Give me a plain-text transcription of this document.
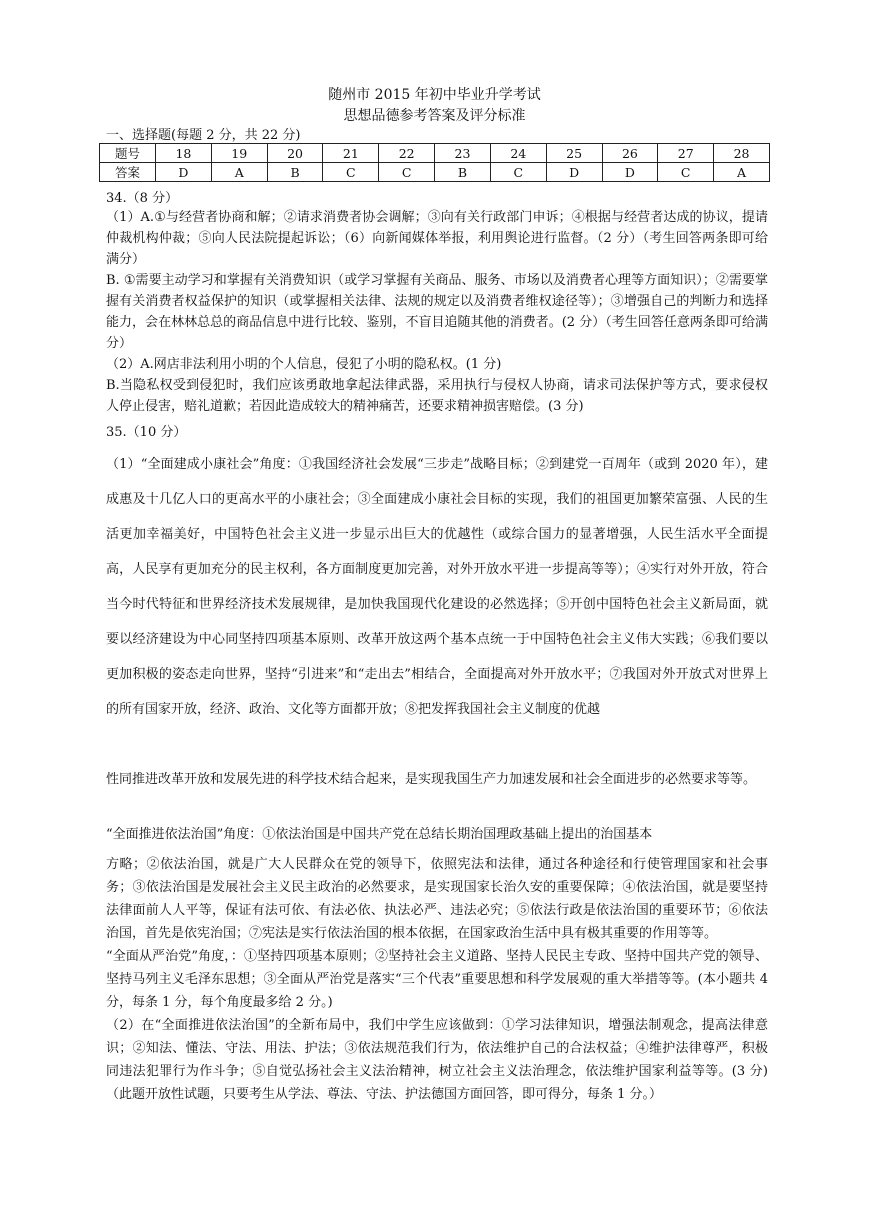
随州市 2015 年初中毕业升学考试
思想品德参考答案及评分标准
一、选择题(每题 2 分，共 22 分)
题号	18	19	20	21	22	23	24	25	26	27	28
答案	D	A	B	C	C	B	C	D	D	C	A
34.（8 分）

（1）A.①与经营者协商和解；②请求消费者协会调解；③向有关行政部门申诉；④根据与经营者达成的协议，提请仲裁机构仲裁；⑤向人民法院提起诉讼；（6）向新闻媒体举报，利用舆论进行监督。（2 分）（考生回答两条即可给满分）

B. ①需要主动学习和掌握有关消费知识（或学习掌握有关商品、服务、市场以及消费者心理等方面知识）；②需要掌握有关消费者权益保护的知识（或掌握相关法律、法规的规定以及消费者维权途径等）；③增强自己的判断力和选择能力，会在林林总总的商品信息中进行比较、鉴别，不盲目追随其他的消费者。(2 分）（考生回答任意两条即可给满分）

（2）A.网店非法利用小明的个人信息，侵犯了小明的隐私权。(1 分)

B.当隐私权受到侵犯时，我们应该勇敢地拿起法律武器，采用执行与侵权人协商，请求司法保护等方式，要求侵权人停止侵害，赔礼道歉；若因此造成较大的精神痛苦，还要求精神损害赔偿。(3 分)

35.（10 分）

（1）“全面建成小康社会”角度：①我国经济社会发展“三步走”战略目标；②到建党一百周年（或到 2020 年），建成惠及十几亿人口的更高水平的小康社会；③全面建成小康社会目标的实现，我们的祖国更加繁荣富强、人民的生活更加幸福美好，中国特色社会主义进一步显示出巨大的优越性（或综合国力的显著增强，人民生活水平全面提高，人民享有更加充分的民主权利，各方面制度更加完善，对外开放水平进一步提高等等）；④实行对外开放，符合当今时代特征和世界经济技术发展规律，是加快我国现代化建设的必然选择；⑤开创中国特色社会主义新局面，就要以经济建设为中心同坚持四项基本原则、改革开放这两个基本点统一于中国特色社会主义伟大实践；⑥我们要以更加积极的姿态走向世界，坚持“引进来”和“走出去”相结合，全面提高对外开放水平；⑦我国对外开放式对世界上的所有国家开放，经济、政治、文化等方面都开放；⑧把发挥我国社会主义制度的优越

性同推进改革开放和发展先进的科学技术结合起来，是实现我国生产力加速发展和社会全面进步的必然要求等等。

“全面推进依法治国”角度：①依法治国是中国共产党在总结长期治国理政基础上提出的治国基本

方略；②依法治国，就是广大人民群众在党的领导下，依照宪法和法律，通过各种途径和行使管理国家和社会事务；③依法治国是发展社会主义民主政治的必然要求，是实现国家长治久安的重要保障；④依法治国，就是要坚持法律面前人人平等，保证有法可依、有法必依、执法必严、违法必究；⑤依法行政是依法治国的重要环节；⑥依法治国，首先是依宪治国；⑦宪法是实行依法治国的根本依据，在国家政治生活中具有极其重要的作用等等。

“全面从严治党”角度，：①坚持四项基本原则；②坚持社会主义道路、坚持人民民主专政、坚持中国共产党的领导、坚持马列主义毛泽东思想；③全面从严治党是落实“三个代表”重要思想和科学发展观的重大举措等等。(本小题共 4 分，每条 1 分，每个角度最多给 2 分。)

（2）在“全面推进依法治国”的全新布局中，我们中学生应该做到：①学习法律知识，增强法制观念，提高法律意识；②知法、懂法、守法、用法、护法；③依法规范我们行为，依法维护自己的合法权益；④维护法律尊严，积极同违法犯罪行为作斗争；⑤自觉弘扬社会主义法治精神，树立社会主义法治理念，依法维护国家利益等等。(3 分)（此题开放性试题，只要考生从学法、尊法、守法、护法德国方面回答，即可得分，每条 1 分。）
